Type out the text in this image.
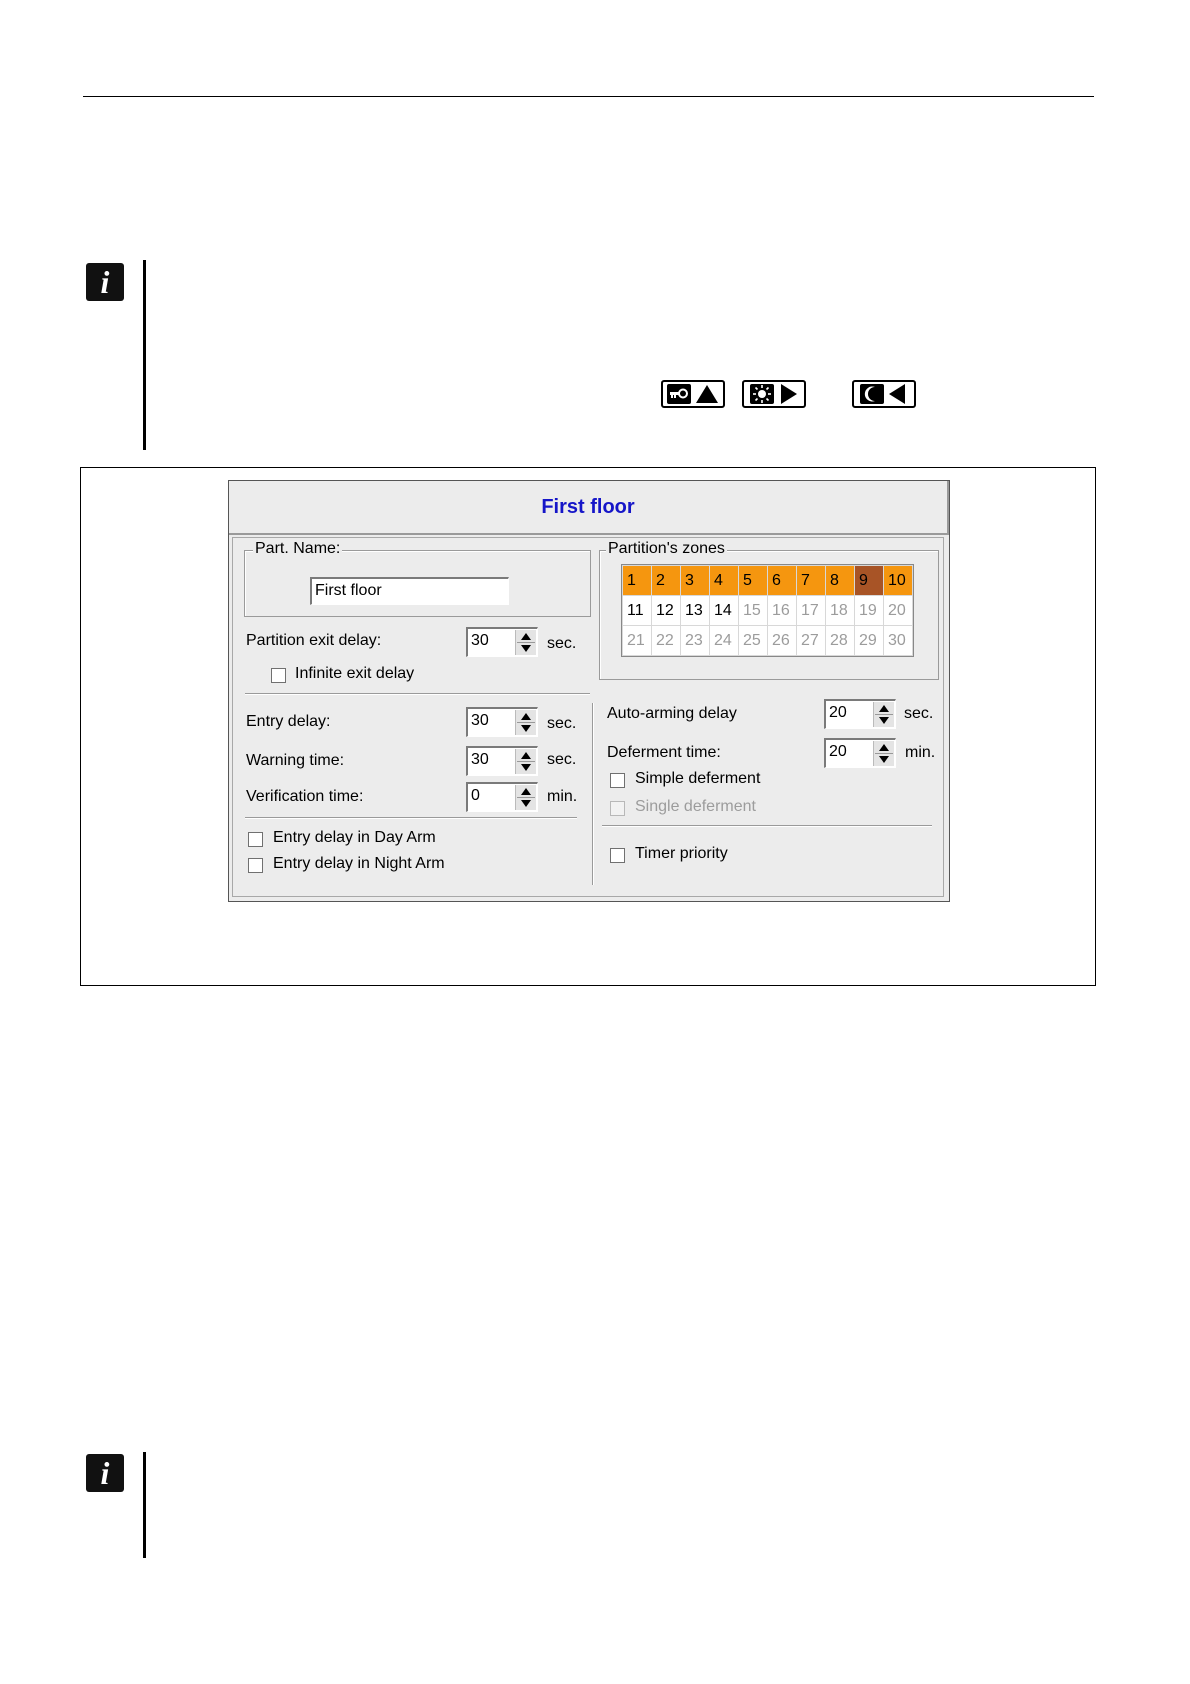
i
First floor
Part. Name:
First floor
Partition exit delay:	30	sec.
Infinite exit delay
Entry delay:	30	sec.
Warning time:	30	sec.
Verification time:	0	min.
Entry delay in Day Arm
Entry delay in Night Arm
Partition's zones
1	2	3	4	5	6	7	8	9	10
11 12 13 14 15 16 17 18 19 20
21 22 23 24 25 26 27 28 29 30
Auto-arming delay	20	sec.
Deferment time:	20	min.
Simple deferment
Single deferment
Timer priority
i
